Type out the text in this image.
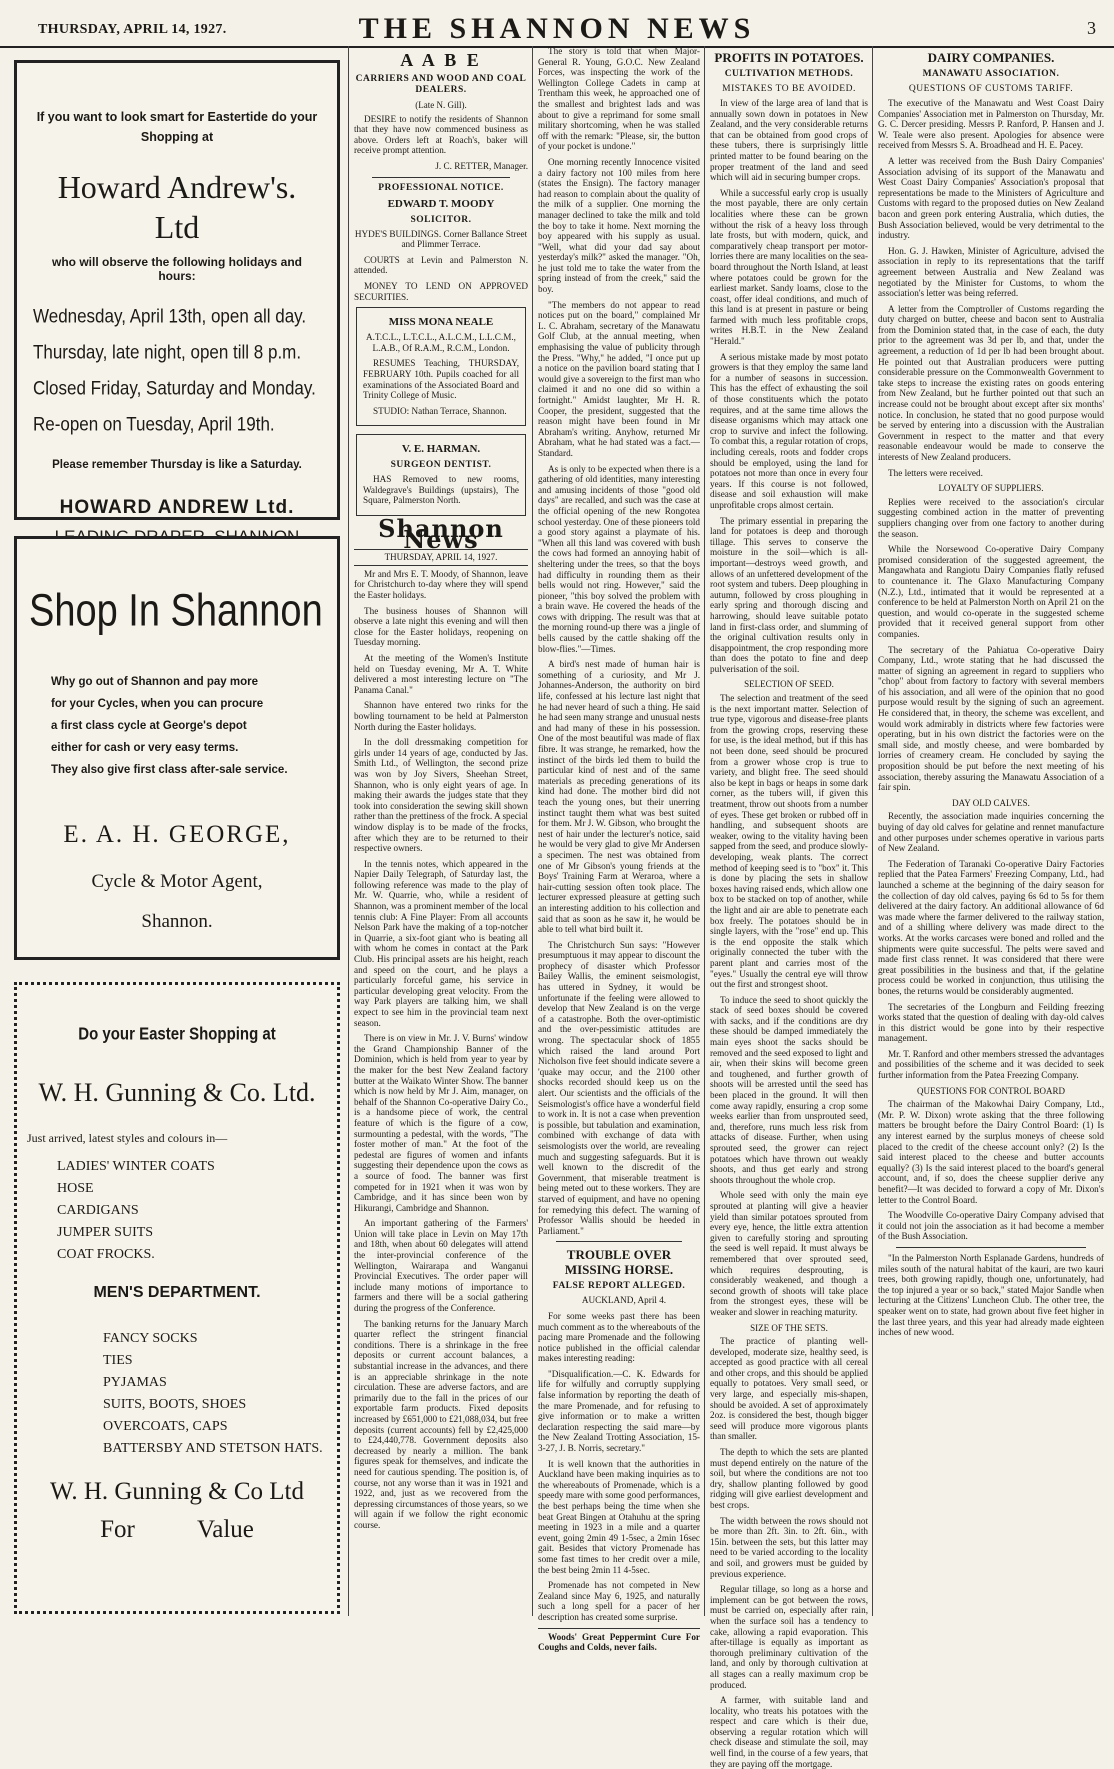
THURSDAY, APRIL 14, 1927.	THE SHANNON NEWS	3

If you want to look smart for Eastertide do your Shopping at

Howard Andrew's. Ltd

who will observe the following holidays and hours:

Wednesday, April 13th, open all day.

Thursday, late night, open till 8 p.m.

Closed Friday, Saturday and Monday.

Re-open on Tuesday, April 19th.

Please remember Thursday is like a Saturday.

HOWARD ANDREW Ltd.

Shop In Shannon

Why go out of Shannon and pay more

for your Cycles, when you can procure

a first class cycle at George's depot

either for cash or very easy terms.

They also give first class after-sale service.

E. A. H. GEORGE,

Cycle & Motor Agent,

Shannon.

Do your Easter Shopping at

W. H. Gunning & Co. Ltd.

Just arrived, latest styles and colours in—

LADIES' WINTER COATS

HOSE

CARDIGANS

JUMPER SUITS

COAT FROCKS.

MEN'S DEPARTMENT.

FANCY SOCKS

TIES

PYJAMAS

SUITS, BOOTS, SHOES

OVERCOATS, CAPS

BATTERSBY AND STETSON HATS.

W. H. Gunning & Co Ltd

For Value

A A B E
CARRIERS AND WOOD AND COAL DEALERS.
(Late N. Gill).

DESIRE to notify the residents of Shannon that they have now commenced business as above. Orders left at Roach's, baker will receive prompt attention.

J. C. RETTER, Manager.

PROFESSIONAL NOTICE.
EDWARD T. MOODY
SOLICITOR.

HYDE'S BUILDINGS. Corner Ballance Street and Plimmer Terrace.

COURTS at Levin and Palmerston N. attended.

MONEY TO LEND ON APPROVED SECURITIES.

MISS MONA NEALE

A.T.C.L., L.T.C.L., A.L.C.M., L.L.C.M., L.A.B., Of R.A.M., R.C.M., London.

RESUMES Teaching, THURSDAY, FEBRUARY 10th. Pupils coached for all examinations of the Associated Board and Trinity College of Music.

STUDIO: Nathan Terrace, Shannon.

V. E. HARMAN.
SURGEON DENTIST.

HAS Removed to new rooms, Waldegrave's Buildings (upstairs), The Square, Palmerston North.

Shannon News
THURSDAY, APRIL 14, 1927.

Mr and Mrs E. T. Moody, of Shannon, leave for Christchurch to-day where they will spend the Easter holidays.

The business houses of Shannon will observe a late night this evening and will then close for the Easter holidays, reopening on Tuesday morning.

At the meeting of the Women's Institute held on Tuesday evening, Mr A. T. White delivered a most interesting lecture on "The Panama Canal."

Shannon have entered two rinks for the bowling tournament to be held at Palmerston North during the Easter holidays.

In the doll dressmaking competition for girls under 14 years of age, conducted by Jas. Smith Ltd., of Wellington, the second prize was won by Joy Sivers, Sheehan Street, Shannon, who is only eight years of age. In making their awards the judges state that they took into consideration the sewing skill shown rather than the prettiness of the frock. A special window display is to be made of the frocks, after which they are to be returned to their respective owners.

In the tennis notes, which appeared in the Napier Daily Telegraph, of Saturday last, the following reference was made to the play of Mr. W. Quarrie, who, while a resident of Shannon, was a prominent member of the local tennis club: A Fine Player: From all accounts Nelson Park have the making of a top-notcher in Quarrie, a six-foot giant who is beating all with whom he comes in contact at the Park Club. His principal assets are his height, reach and speed on the court, and he plays a particularly forceful game, his service in particular developing great velocity. From the way Park players are talking him, we shall expect to see him in the provincial team next season.

There is on view in Mr. J. V. Burns' window the Grand Championship Banner of the Dominion, which is held from year to year by the maker for the best New Zealand factory butter at the Waikato Winter Show. The banner which is now held by Mr J. Aim, manager, on behalf of the Shannon Co-operative Dairy Co., is a handsome piece of work, the central feature of which is the figure of a cow, surmounting a pedestal, with the words, "The foster mother of man." At the foot of the pedestal are figures of women and infants suggesting their dependence upon the cows as a source of food. The banner was first competed for in 1921 when it was won by Cambridge, and it has since been won by Hikurangi, Cambridge and Shannon.

An important gathering of the Farmers' Union will take place in Levin on May 17th and 18th, when about 60 delegates will attend the inter-provincial conference of the Wellington, Wairarapa and Wanganui Provincial Executives. The order paper will include many motions of importance to farmers and there will be a social gathering during the progress of the Conference.

The banking returns for the January March quarter reflect the stringent financial conditions. There is a shrinkage in the free deposits or current account balances, a substantial increase in the advances, and there is an appreciable shrinkage in the note circulation. These are adverse factors, and are primarily due to the fall in the prices of our exportable farm products. Fixed deposits increased by £651,000 to £21,088,034, but free deposits (current accounts) fell by £2,425,000 to £24,440,778. Government deposits also decreased by nearly a million. The bank figures speak for themselves, and indicate the need for cautious spending. The position is, of course, not any worse than it was in 1921 and 1922, and, just as we recovered from the depressing circumstances of those years, so we will again if we follow the right economic course.

The story is told that when Major-General R. Young, G.O.C. New Zealand Forces, was inspecting the work of the Wellington College Cadets in camp at Trentham this week, he approached one of the smallest and brightest lads and was about to give a reprimand for some small military shortcoming, when he was stalled off with the remark: "Please, sir, the button of your pocket is undone."

One morning recently Innocence visited a dairy factory not 100 miles from here (states the Ensign). The factory manager had reason to complain about the quality of the milk of a supplier. One morning the manager declined to take the milk and told the boy to take it home. Next morning the boy appeared with his supply as usual. "Well, what did your dad say about yesterday's milk?" asked the manager. "Oh, he just told me to take the water from the spring instead of from the creek," said the boy.

"The members do not appear to read notices put on the board," complained Mr L. C. Abraham, secretary of the Manawatu Golf Club, at the annual meeting, when emphasising the value of publicity through the Press. "Why," he added, "I once put up a notice on the pavilion board stating that I would give a sovereign to the first man who claimed it and no one did so within a fortnight." Amidst laughter, Mr H. R. Cooper, the president, suggested that the reason might have been found in Mr Abraham's writing. Anyhow, returned Mr Abraham, what he had stated was a fact.—Standard.

As is only to be expected when there is a gathering of old identities, many interesting and amusing incidents of those "good old days" are recalled, and such was the case at the official opening of the new Rongotea school yesterday. One of these pioneers told a good story against a playmate of his. "When all this land was covered with bush the cows had formed an annoying habit of sheltering under the trees, so that the boys had difficulty in rounding them as their bells would not ring. However," said the pioneer, "this boy solved the problem with a brain wave. He covered the heads of the cows with dripping. The result was that at the morning round-up there was a jingle of bells caused by the cattle shaking off the blow-flies."—Times.

A bird's nest made of human hair is something of a curiosity, and Mr J. Johannes-Anderson, the authority on bird life, confessed at his lecture last night that he had never heard of such a thing. He said he had seen many strange and unusual nests and had many of these in his possession. One of the most beautiful was made of flax fibre. It was strange, he remarked, how the instinct of the birds led them to build the particular kind of nest and of the same materials as preceding generations of its kind had done. The mother bird did not teach the young ones, but their unerring instinct taught them what was best suited for them. Mr J. W. Gibson, who brought the nest of hair under the lecturer's notice, said he would be very glad to give Mr Andersen a specimen. The nest was obtained from one of Mr Gibson's young friends at the Boys' Training Farm at Weraroa, where a hair-cutting session often took place. The lecturer expressed pleasure at getting such an interesting addition to his collection and said that as soon as he saw it, he would be able to tell what bird built it.

The Christchurch Sun says: "However presumptuous it may appear to discount the prophecy of disaster which Professor Bailey Wallis, the eminent seismologist, has uttered in Sydney, it would be unfortunate if the feeling were allowed to develop that New Zealand is on the verge of a catastrophe. Both the over-optimistic and the over-pessimistic attitudes are wrong. The spectacular shock of 1855 which raised the land around Port Nicholson five feet should indicate severe a 'quake may occur, and the 2100 other shocks recorded should keep us on the alert. Our scientists and the officials of the Seismologist's office have a wonderful field to work in. It is not a case when prevention is possible, but tabulation and examination, combined with exchange of data with seismologists over the world, are revealing much and suggesting safeguards. But it is well known to the discredit of the Government, that miserable treatment is being meted out to these workers. They are starved of equipment, and have no opening for remedying this defect. The warning of Professor Wallis should be heeded in Parliament."

TROUBLE OVER MISSING HORSE.
FALSE REPORT ALLEGED.

AUCKLAND, April 4.

For some weeks past there has been much comment as to the whereabouts of the pacing mare Promenade and the following notice published in the official calendar makes interesting reading:

"Disqualification.—C. K. Edwards for life for wilfully and corruptly supplying false information by reporting the death of the mare Promenade, and for refusing to give information or to make a written declaration respecting the said mare—by the New Zealand Trotting Association, 15-3-27, J. B. Norris, secretary."

It is well known that the authorities in Auckland have been making inquiries as to the whereabouts of Promenade, which is a speedy mare with some good performances, the best perhaps being the time when she beat Great Bingen at Otahuhu at the spring meeting in 1923 in a mile and a quarter event, going 2min 49 1-5sec, a 2min 16sec gait. Besides that victory Promenade has some fast times to her credit over a mile, the best being 2min 11 4-5sec.

Promenade has not competed in New Zealand since May 6, 1925, and naturally such a long spell for a pacer of her description has created some surprise.

Woods' Great Peppermint Cure For Coughs and Colds, never fails.

PROFITS IN POTATOES.
CULTIVATION METHODS.
MISTAKES TO BE AVOIDED.

In view of the large area of land that is annually sown down in potatoes in New Zealand, and the very considerable returns that can be obtained from good crops of these tubers, there is surprisingly little printed matter to be found bearing on the proper treatment of the land and seed which will aid in securing bumper crops.

While a successful early crop is usually the most payable, there are only certain localities where these can be grown without the risk of a heavy loss through late frosts, but with modern, quick, and comparatively cheap transport per motor-lorries there are many localities on the sea-board throughout the North Island, at least where potatoes could be grown for the earliest market. Sandy loams, close to the coast, offer ideal conditions, and much of this land is at present in pasture or being farmed with much less profitable crops, writes H.B.T. in the New Zealand "Herald."

A serious mistake made by most potato growers is that they employ the same land for a number of seasons in succession. This has the effect of exhausting the soil of those constituents which the potato requires, and at the same time allows the disease organisms which may attack one crop to survive and infect the following. To combat this, a regular rotation of crops, including cereals, roots and fodder crops should be employed, using the land for potatoes not more than once in every four years. If this course is not followed, disease and soil exhaustion will make unprofitable crops almost certain.

The primary essential in preparing the land for potatoes is deep and thorough tillage. This serves to conserve the moisture in the soil—which is all-important—destroys weed growth, and allows of an unfettered development of the root system and tubers. Deep ploughing in autumn, followed by cross ploughing in early spring and thorough discing and harrowing, should leave suitable potato land in first-class order, and slumming of the original cultivation results only in disappointment, the crop responding more than does the potato to fine and deep pulverisation of the soil.

SELECTION OF SEED.

The selection and treatment of the seed is the next important matter. Selection of true type, vigorous and disease-free plants from the growing crops, reserving these for use, is the ideal method, but if this has not been done, seed should be procured from a grower whose crop is true to variety, and blight free. The seed should also be kept in bags or heaps in some dark corner, as the tubers will, if given this treatment, throw out shoots from a number of eyes. These get broken or rubbed off in handling, and subsequent shoots are weaker, owing to the vitality having been sapped from the seed, and produce slowly-developing, weak plants. The correct method of keeping seed is to "box" it. This is done by placing the sets in shallow boxes having raised ends, which allow one box to be stacked on top of another, while the light and air are able to penetrate each box freely. The potatoes should be in single layers, with the "rose" end up. This is the end opposite the stalk which originally connected the tuber with the parent plant and carries most of the "eyes." Usually the central eye will throw out the first and strongest shoot.

To induce the seed to shoot quickly the stack of seed boxes should be covered with sacks, and if the conditions are dry these should be damped immediately the main eyes shoot the sacks should be removed and the seed exposed to light and air, when their skins will become green and toughened, and further growth of shoots will be arrested until the seed has been placed in the ground. It will then come away rapidly, ensuring a crop some weeks earlier than from unsprouted seed, and, therefore, runs much less risk from attacks of disease. Further, when using sprouted seed, the grower can reject potatoes which have thrown out weakly shoots, and thus get early and strong shoots throughout the whole crop.

Whole seed with only the main eye sprouted at planting will give a heavier yield than similar potatoes sprouted from every eye, hence, the little extra attention given to carefully storing and sprouting the seed is well repaid. It must always be remembered that over sprouted seed, which requires desprouting, is considerably weakened, and though a second growth of shoots will take place from the strongest eyes, these will be weaker and slower in reaching maturity.

SIZE OF THE SETS.

The practice of planting well-developed, moderate size, healthy seed, is accepted as good practice with all cereal and other crops, and this should be applied equally to potatoes. Very small seed, or very large, and especially mis-shapen, should be avoided. A set of approximately 2oz. is considered the best, though bigger seed will produce more vigorous plants than smaller.

The depth to which the sets are planted must depend entirely on the nature of the soil, but where the conditions are not too dry, shallow planting followed by good ridging will give earliest development and best crops.

The width between the rows should not be more than 2ft. 3in. to 2ft. 6in., with 15in. between the sets, but this latter may need to be varied according to the locality and soil, and growers must be guided by previous experience.

Regular tillage, so long as a horse and implement can be got between the rows, must be carried on, especially after rain, when the surface soil has a tendency to cake, allowing a rapid evaporation. This after-tillage is equally as important as thorough preliminary cultivation of the land, and only by thorough cultivation at all stages can a really maximum crop be produced.

A farmer, with suitable land and locality, who treats his potatoes with the respect and care which is their due, observing a regular rotation which will check disease and stimulate the soil, may well find, in the course of a few years, that they are paying off the mortgage.

DAIRY COMPANIES.
MANAWATU ASSOCIATION.
QUESTIONS OF CUSTOMS TARIFF.

The executive of the Manawatu and West Coast Dairy Companies' Association met in Palmerston on Thursday, Mr. G. C. Dercer presiding. Messrs P. Ranford, P. Hansen and J. W. Teale were also present. Apologies for absence were received from Messrs S. A. Broadhead and H. E. Pacey.

A letter was received from the Bush Dairy Companies' Association advising of its support of the Manawatu and West Coast Dairy Companies' Association's proposal that representations be made to the Ministers of Agriculture and Customs with regard to the proposed duties on New Zealand bacon and green pork entering Australia, which duties, the Bush Association believed, would be very detrimental to the industry.

Hon. G. J. Hawken, Minister of Agriculture, advised the association in reply to its representations that the tariff agreement between Australia and New Zealand was negotiated by the Minister for Customs, to whom the association's letter was being referred.

A letter from the Comptroller of Customs regarding the duty charged on butter, cheese and bacon sent to Australia from the Dominion stated that, in the case of each, the duty prior to the agreement was 3d per lb, and that, under the agreement, a reduction of 1d per lb had been brought about. He pointed out that Australian producers were putting considerable pressure on the Commonwealth Government to take steps to increase the existing rates on goods entering from New Zealand, but he further pointed out that such an increase could not be brought about except after six months' notice. In conclusion, he stated that no good purpose would be served by entering into a discussion with the Australian Government in respect to the matter and that every reasonable endeavour would be made to conserve the interests of New Zealand producers.

The letters were received.

LOYALTY OF SUPPLIERS.

Replies were received to the association's circular suggesting combined action in the matter of preventing suppliers changing over from one factory to another during the season.

While the Norsewood Co-operative Dairy Company promised consideration of the suggested agreement, the Mangawhata and Rangiotu Dairy Companies flatly refused to countenance it. The Glaxo Manufacturing Company (N.Z.), Ltd., intimated that it would be represented at a conference to be held at Palmerston North on April 21 on the question, and would co-operate in the suggested scheme provided that it received general support from other companies.

The secretary of the Pahiatua Co-operative Dairy Company, Ltd., wrote stating that he had discussed the matter of signing an agreement in regard to suppliers who "chop" about from factory to factory with several members of his association, and all were of the opinion that no good purpose would result by the signing of such an agreement. He considered that, in theory, the scheme was excellent, and would work admirably in districts where few factories were operating, but in his own district the factories were on the small side, and mostly cheese, and were bombarded by lorries of creamery cream. He concluded by saying the proposition should be put before the next meeting of his association, thereby assuring the Manawatu Association of a fair spin.

DAY OLD CALVES.

Recently, the association made inquiries concerning the buying of day old calves for gelatine and rennet manufacture and other purposes under schemes operative in various parts of New Zealand.

The Federation of Taranaki Co-operative Dairy Factories replied that the Patea Farmers' Freezing Company, Ltd., had launched a scheme at the beginning of the dairy season for the collection of day old calves, paying 6s 6d to 5s for them delivered at the dairy factory. An additional allowance of 6d was made where the farmer delivered to the railway station, and of a shilling where delivery was made direct to the works. At the works carcases were boned and rolled and the shipments were quite successful. The pelts were saved and made first class rennet. It was considered that there were great possibilities in the business and that, if the gelatine process could be worked in conjunction, thus utilising the bones, the returns would be considerably augmented.

The secretaries of the Longburn and Feilding freezing works stated that the question of dealing with day-old calves in this district would be gone into by their respective management.

Mr. T. Ranford and other members stressed the advantages and possibilities of the scheme and it was decided to seek further information from the Patea Freezing Company.

QUESTIONS FOR CONTROL BOARD

The chairman of the Makowhai Dairy Company, Ltd., (Mr. P. W. Dixon) wrote asking that the three following matters be brought before the Dairy Control Board: (1) Is any interest earned by the surplus moneys of cheese sold placed to the credit of the cheese account only? (2) Is the said interest placed to the cheese and butter accounts equally? (3) Is the said interest placed to the board's general account, and, if so, does the cheese supplier derive any benefit?—It was decided to forward a copy of Mr. Dixon's letter to the Control Board.

The Woodville Co-operative Dairy Company advised that it could not join the association as it had become a member of the Bush Association.

"In the Palmerston North Esplanade Gardens, hundreds of miles south of the natural habitat of the kauri, are two kauri trees, both growing rapidly, though one, unfortunately, had the top injured a year or so back," stated Major Sandle when lecturing at the Citizens' Luncheon Club. The other tree, the speaker went on to state, had grown about five feet higher in the last three years, and this year had already made eighteen inches of new wood.
